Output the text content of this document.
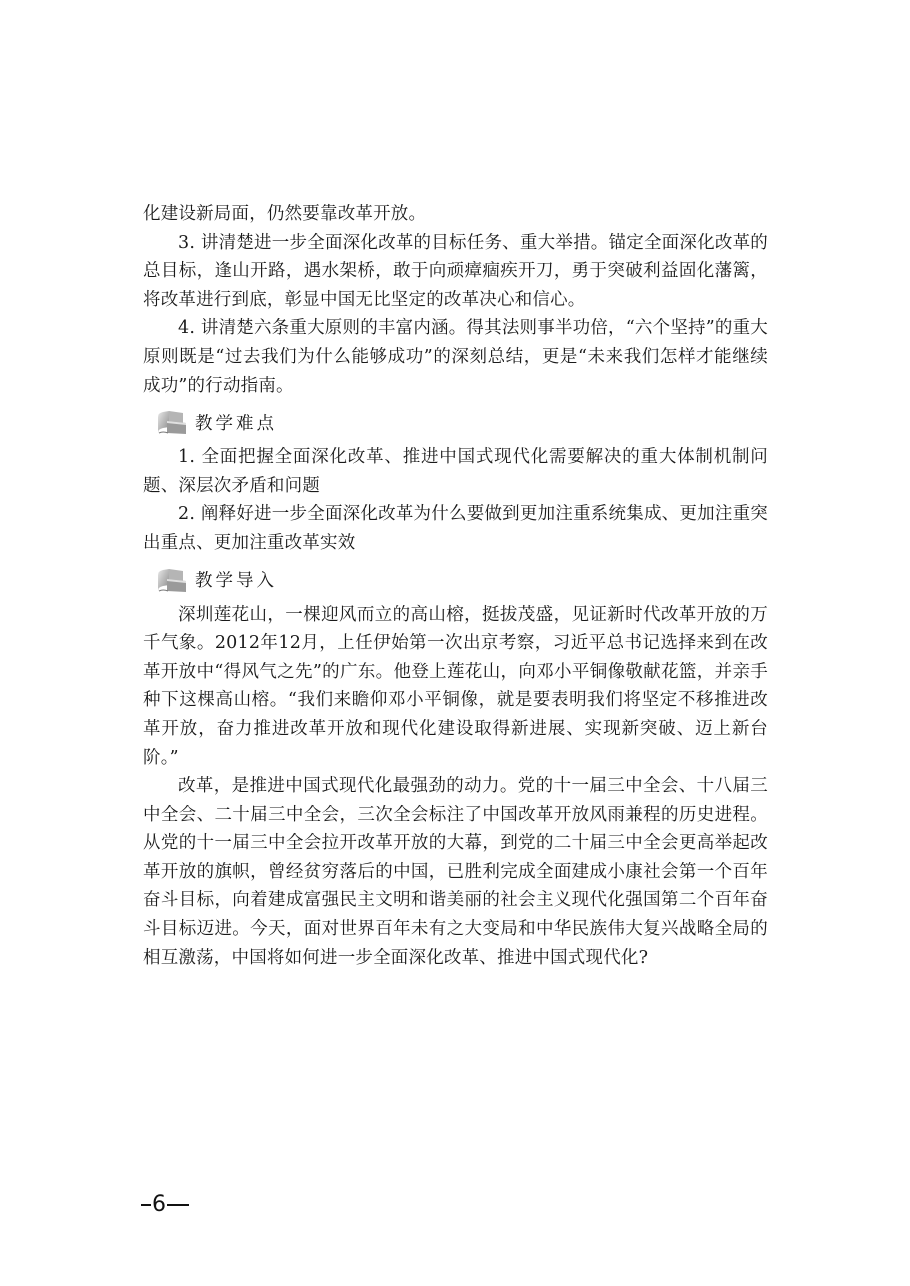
化建设新局面，仍然要靠改革开放。

3. 讲清楚进一步全面深化改革的目标任务、重大举措。锚定全面深化改革的总目标，逢山开路，遇水架桥，敢于向顽瘴痼疾开刀，勇于突破利益固化藩篱，将改革进行到底，彰显中国无比坚定的改革决心和信心。

4. 讲清楚六条重大原则的丰富内涵。得其法则事半功倍，“六个坚持”的重大原则既是“过去我们为什么能够成功”的深刻总结，更是“未来我们怎样才能继续成功”的行动指南。

教学难点

1. 全面把握全面深化改革、推进中国式现代化需要解决的重大体制机制问题、深层次矛盾和问题

2. 阐释好进一步全面深化改革为什么要做到更加注重系统集成、更加注重突出重点、更加注重改革实效

教学导入

深圳莲花山，一棵迎风而立的高山榕，挺拔茂盛，见证新时代改革开放的万千气象。2012年12月，上任伊始第一次出京考察，习近平总书记选择来到在改革开放中“得风气之先”的广东。他登上莲花山，向邓小平铜像敬献花篮，并亲手种下这棵高山榕。“我们来瞻仰邓小平铜像，就是要表明我们将坚定不移推进改革开放，奋力推进改革开放和现代化建设取得新进展、实现新突破、迈上新台阶。”

改革，是推进中国式现代化最强劲的动力。党的十一届三中全会、十八届三中全会、二十届三中全会，三次全会标注了中国改革开放风雨兼程的历史进程。从党的十一届三中全会拉开改革开放的大幕，到党的二十届三中全会更高举起改革开放的旗帜，曾经贫穷落后的中国，已胜利完成全面建成小康社会第一个百年奋斗目标，向着建成富强民主文明和谐美丽的社会主义现代化强国第二个百年奋斗目标迈进。今天，面对世界百年未有之大变局和中华民族伟大复兴战略全局的相互激荡，中国将如何进一步全面深化改革、推进中国式现代化?

6
